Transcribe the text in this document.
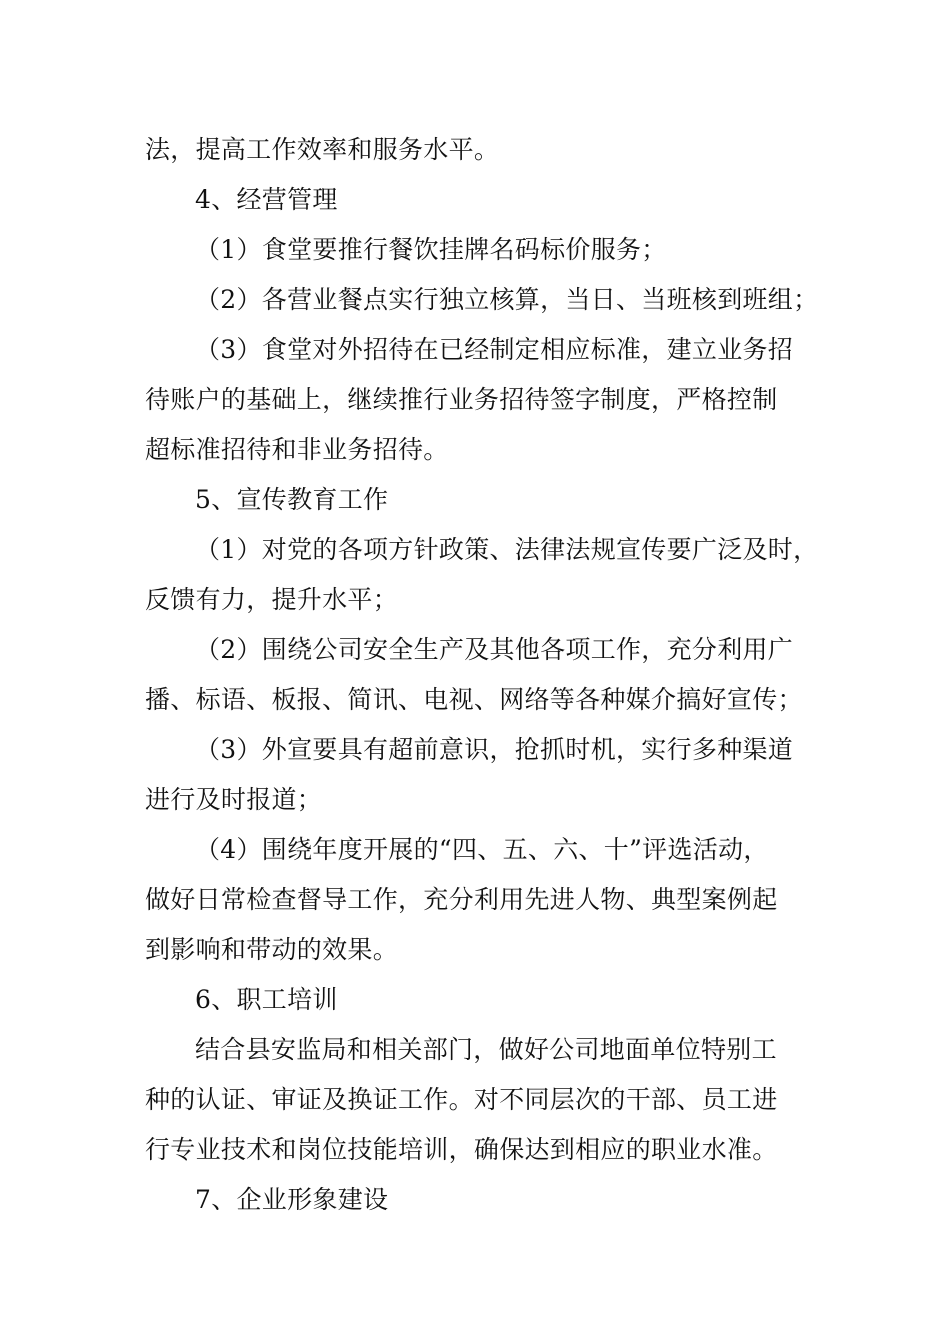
法，提高工作效率和服务水平。
4、经营管理
（1）食堂要推行餐饮挂牌名码标价服务；
（2）各营业餐点实行独立核算，当日、当班核到班组；
（3）食堂对外招待在已经制定相应标准，建立业务招
待账户的基础上，继续推行业务招待签字制度，严格控制
超标准招待和非业务招待。
5、宣传教育工作
（1）对党的各项方针政策、法律法规宣传要广泛及时，
反馈有力，提升水平；
（2）围绕公司安全生产及其他各项工作，充分利用广
播、标语、板报、简讯、电视、网络等各种媒介搞好宣传；
（3）外宣要具有超前意识，抢抓时机，实行多种渠道
进行及时报道；
（4）围绕年度开展的“四、五、六、十”评选活动，
做好日常检查督导工作，充分利用先进人物、典型案例起
到影响和带动的效果。
6、职工培训
结合县安监局和相关部门，做好公司地面单位特别工
种的认证、审证及换证工作。对不同层次的干部、员工进
行专业技术和岗位技能培训，确保达到相应的职业水准。
7、企业形象建设
